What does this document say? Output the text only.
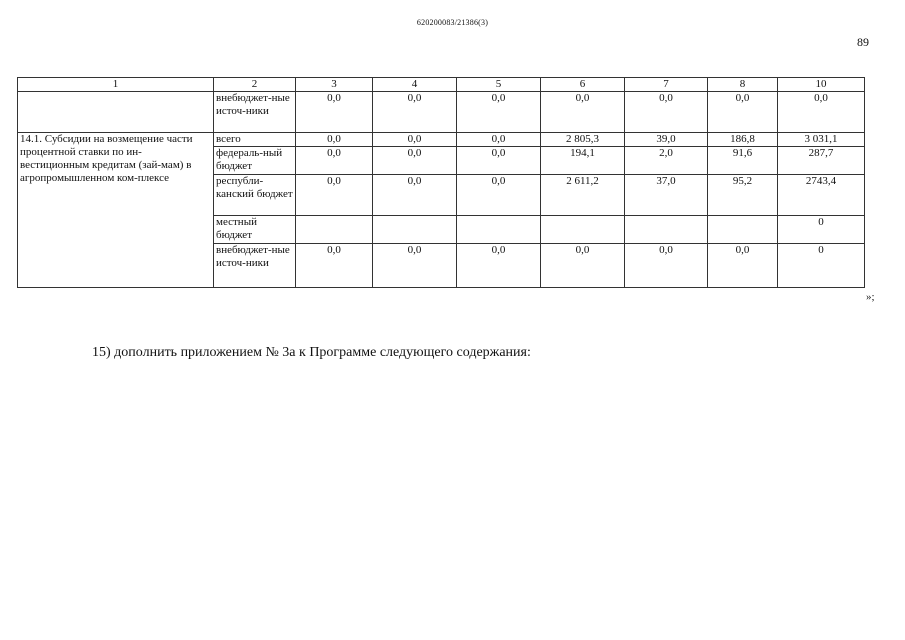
620200083/21386(3)
89
1	2	3	4	5	6	7	8	10
	внебюджет-ные источ-ники	0,0	0,0	0,0	0,0	0,0	0,0	0,0
14.1. Субсидии на возмещение части процентной ставки по ин-вестиционным кредитам (зай-мам) в агропромышленном ком-плексе	всего	0,0	0,0	0,0	2 805,3	39,0	186,8	3 031,1
	федераль-ный бюджет	0,0	0,0	0,0	194,1	2,0	91,6	287,7
	республи-канский бюджет	0,0	0,0	0,0	2 611,2	37,0	95,2	2743,4
	местный бюджет							0
	внебюджет-ные источ-ники	0,0	0,0	0,0	0,0	0,0	0,0	0
»;
15) дополнить приложением № 3а к Программе следующего содержания:
